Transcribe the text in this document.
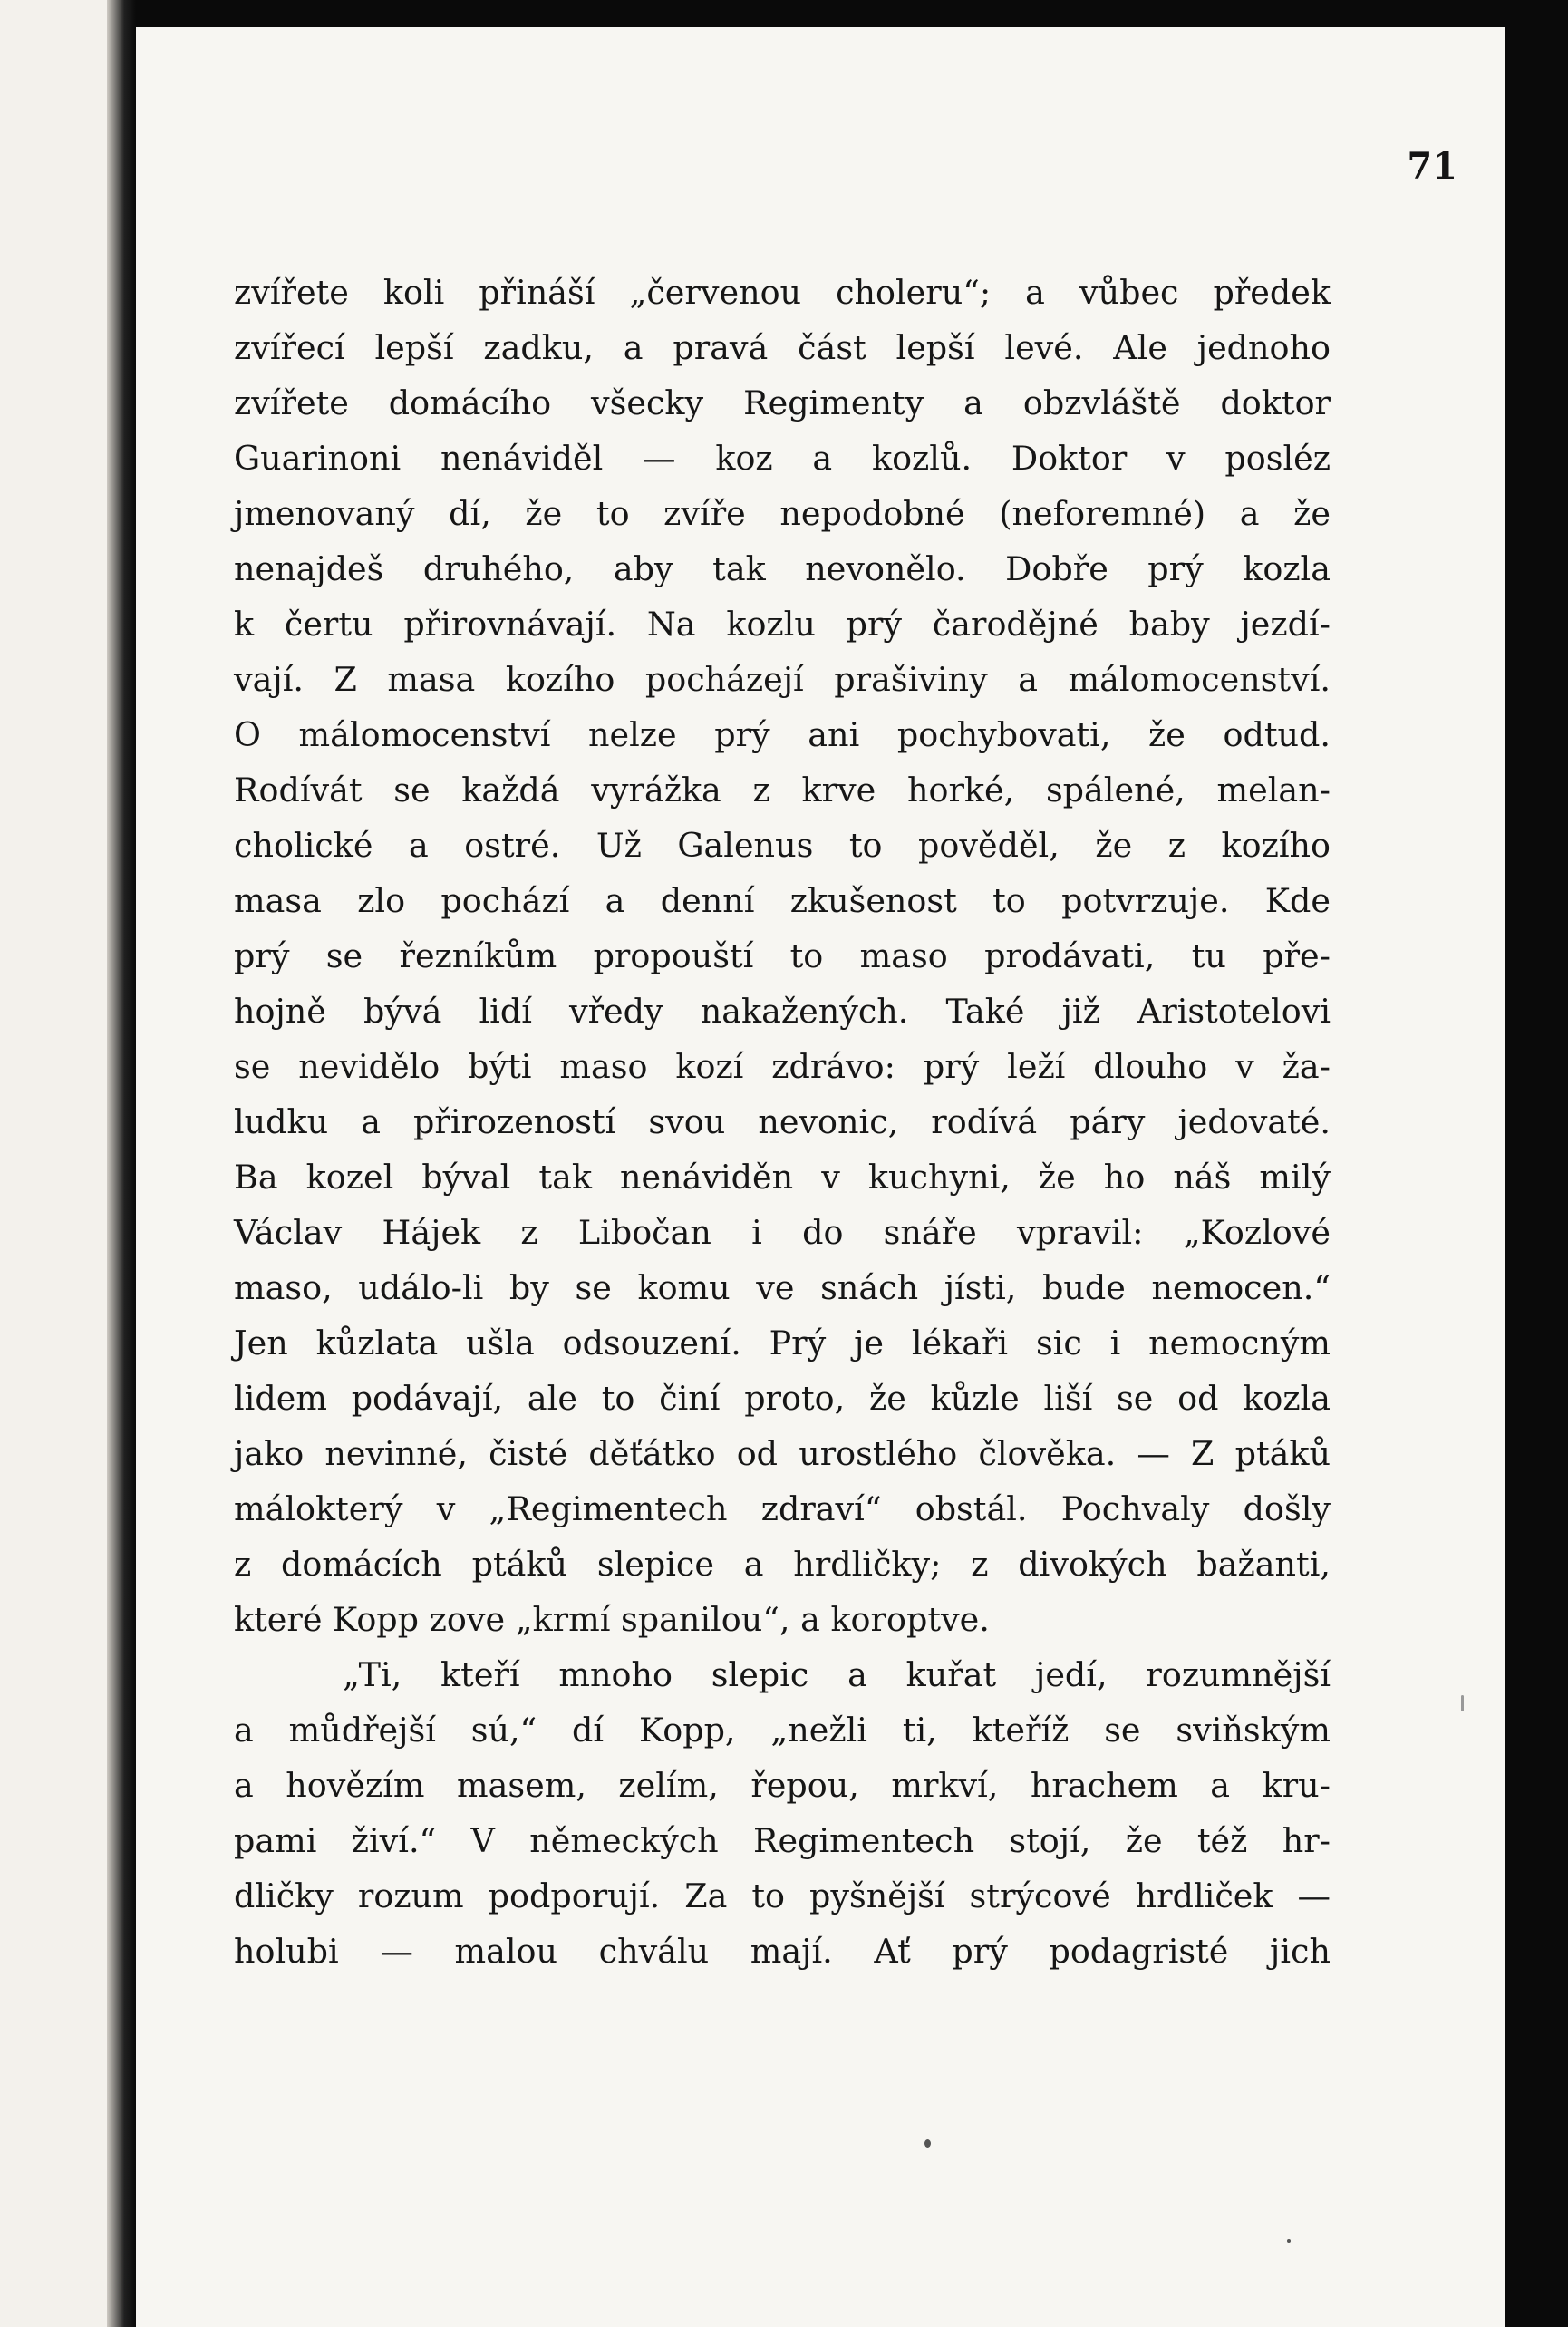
71
zvířete koli přináší „červenou choleru“; a vůbec předek
zvířecí lepší zadku, a pravá část lepší levé. Ale jednoho
zvířete domácího všecky Regimenty a obzvláště doktor
Guarinoni nenáviděl — koz a kozlů. Doktor v posléz
jmenovaný dí, že to zvíře nepodobné (neforemné) a že
nenajdeš druhého, aby tak nevonělo. Dobře prý kozla
k čertu přirovnávají. Na kozlu prý čarodějné baby jezdí-
vají. Z masa kozího pocházejí prašiviny a málomocenství.
O málomocenství nelze prý ani pochybovati, že odtud.
Rodívát se každá vyrážka z krve horké, spálené, melan-
cholické a ostré. Už Galenus to pověděl, že z kozího
masa zlo pochází a denní zkušenost to potvrzuje. Kde
prý se řezníkům propouští to maso prodávati, tu pře-
hojně bývá lidí vředy nakažených. Také již Aristotelovi
se nevidělo býti maso kozí zdrávo: prý leží dlouho v ža-
ludku a přirozeností svou nevonic, rodívá páry jedovaté.
Ba kozel býval tak nenáviděn v kuchyni, že ho náš milý
Václav Hájek z Libočan i do snáře vpravil: „Kozlové
maso, událo-li by se komu ve snách jísti, bude nemocen.“
Jen kůzlata ušla odsouzení. Prý je lékaři sic i nemocným
lidem podávají, ale to činí proto, že kůzle liší se od kozla
jako nevinné, čisté děťátko od urostlého člověka. — Z ptáků
málokterý v „Regimentech zdraví“ obstál. Pochvaly došly
z domácích ptáků slepice a hrdličky; z divokých bažanti,
které Kopp zove „krmí spanilou“, a koroptve.
„Ti, kteří mnoho slepic a kuřat jedí, rozumnější
a můdřejší sú,“ dí Kopp, „nežli ti, kteříž se sviňským
a hovězím masem, zelím, řepou, mrkví, hrachem a kru-
pami živí.“ V německých Regimentech stojí, že též hr-
dličky rozum podporují. Za to pyšnější strýcové hrdliček —
holubi — malou chválu mají. Ať prý podagristé jich
